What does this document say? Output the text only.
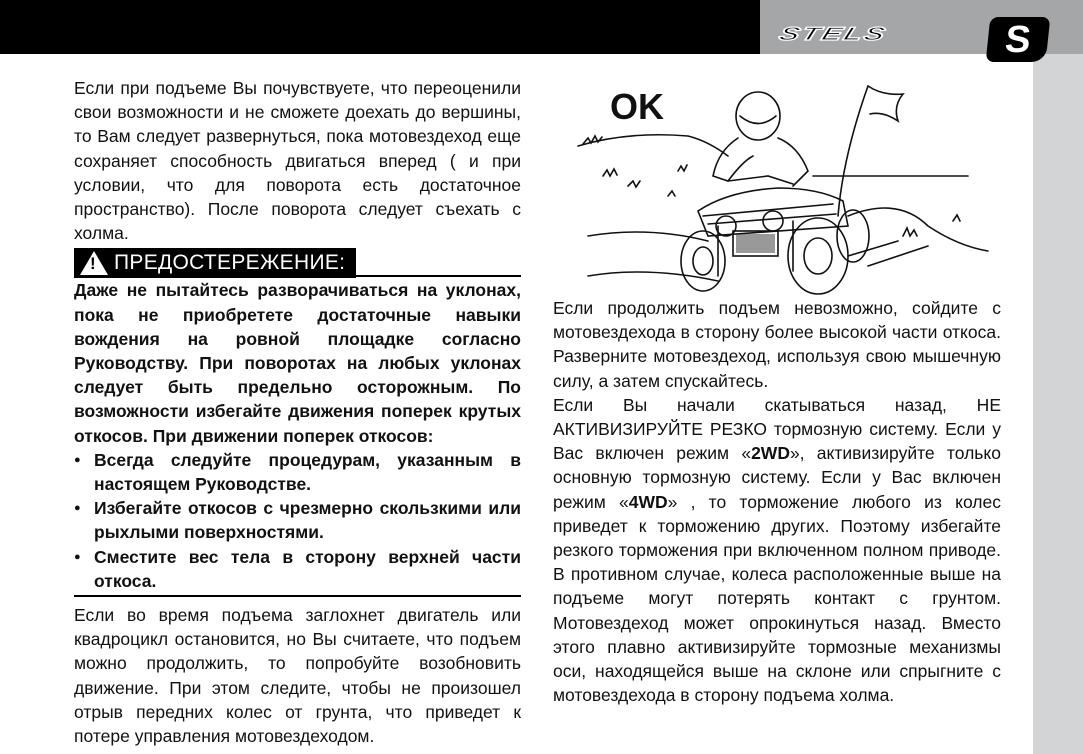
STELS	S

Если при подъеме Вы почувствуете, что переоценили свои возможности и не сможете доехать до вершины, то Вам следует развернуться, пока мотовездеход еще сохраняет способность двигаться вперед ( и при условии, что для поворота есть достаточное пространство). После поворота следует съехать с холма.

!
ПРЕДОСТЕРЕЖЕНИЕ:

Даже не пытайтесь разворачиваться на уклонах, пока не приобретете достаточные навыки вождения на ровной площадке согласно Руководству. При поворотах на любых уклонах следует быть предельно осторожным. По возможности избегайте движения поперек крутых откосов. При движении поперек откосов:

● Всегда следуйте процедурам, указанным в настоящем Руководстве.
● Избегайте откосов с чрезмерно скользкими или рыхлыми поверхностями.
● Сместите вес тела в сторону верхней части откоса.

Если во время подъема заглохнет двигатель или квадроцикл остановится, но Вы считаете, что подъем можно продолжить, то попробуйте возобновить движение. При этом следите, чтобы не произошел отрыв передних колес от грунта, что приведет к потере управления мотовездеходом.

OK

Если продолжить подъем невозможно, сойдите с мотовездехода в сторону более высокой части откоса. Разверните мотовездеход, используя свою мышечную силу, а затем спускайтесь.

Если Вы начали скатываться назад, НЕ АКТИВИЗИРУЙТЕ РЕЗКО тормозную систему. Если у Вас включен режим «2WD», активизируйте только основную тормозную систему. Если у Вас включен режим «4WD» , то торможение любого из колес приведет к торможению других. Поэтому избегайте резкого торможения при включенном полном приводе. В противном случае, колеса расположенные выше на подъеме могут потерять контакт с грунтом. Мотовездеход может опрокинуться назад. Вместо этого плавно активизируйте тормозные механизмы оси, находящейся выше на склоне или спрыгните с мотовездехода в сторону подъема холма.
